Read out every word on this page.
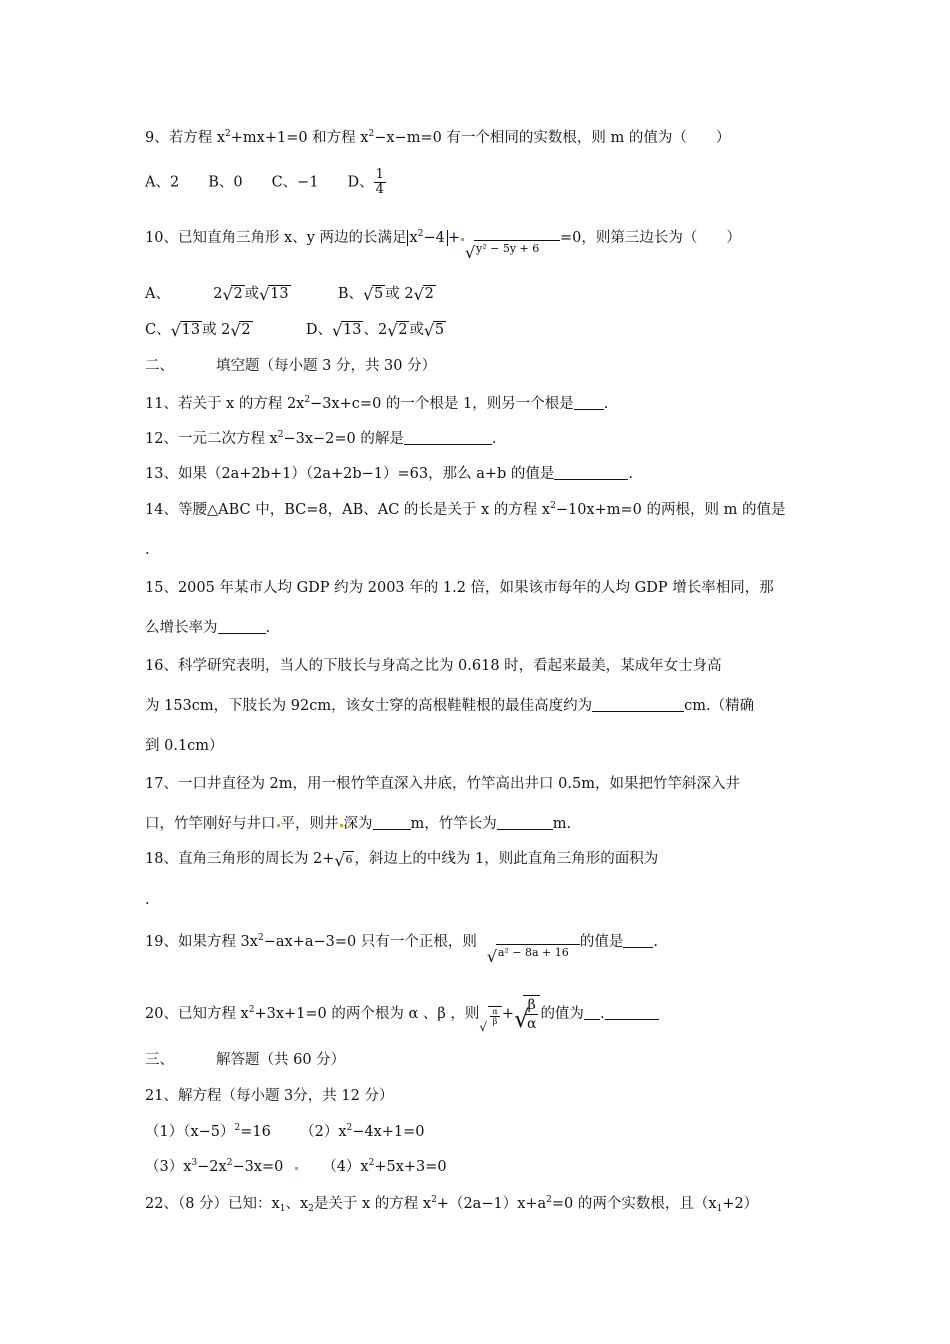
9、若方程 $x^2+mx+1=0$ 和方程 $x^2-x-m=0$ 有一个相同的实数根，则 m 的值为（　　）
A、2　　B、0　　C、−1　　D、 $\frac{1}{4}$
10、已知直角三角形 x、y 两边的长满足 $x^2-4$ +
√ y² − 5y + 6=0，则第三边长为（　　）
A、	2 √ 2 或 √ 13	B、 √ 5 或 2 √ 2
C、 √ 13 或 2 √ 2	D、 √ 13 、2 √ 2 或 √ 5
二、	填空题（每小题 3 分，共 30 分）
11、若关于 x 的方程 $2x^2-3x+c=0$ 的一个根是 1，则另一个根是 .
12、一元二次方程 $x^2-3x-2=0$ 的解是	.
13、如果（2a+2b+1）（2a+2b−1）=63，那么 a+b 的值是	.
14、等腰△ABC 中，BC=8，AB、AC 的长是关于 x 的方程 $x^2-10x+m=0$ 的两根，则 m 的值是
.
15、2005 年某市人均 GDP 约为 2003 年的 1.2 倍，如果该市每年的人均 GDP 增长率相同，那
么增长率为	.
16、科学研究表明，当人的下肢长与身高之比为 0.618 时，看起来最美，某成年女士身高
为 153cm，下肢长为 92cm，该女士穿的高根鞋鞋根的最佳高度约为	cm.（精确
到 0.1cm）
17、一口井直径为 2m，用一根竹竿直深入井底，竹竿高出井口 0.5m，如果把竹竿斜深入井
口，竹竿刚好与井口 平，则井 深为	m，竹竿长为	m.
18、直角三角形的周长为 2+ √ 6 ，斜边上的中线为 1，则此直角三角形的面积为
.
19、如果方程 $3x^2-ax+a-3=0$ 只有一个正根，则
√ a² − 8a + 16的值是 .
20、已知方程 $x^2+3x+1=0$ 的两个根为 α 、β ，则
√
$\frac{\alpha}{\beta}$ + √
$\frac{\beta}{\alpha}$ 的值为 .
三、	解答题（共 60 分）
21、解方程（每小题 3分，共 12 分）
$(1)(x-5)^2=16$ $(2)x^2-4x+1=0$
$(3)x^3-2x^2-3x=0$	$(4)x^2+5x+3=0$
22、（8 分）已知：$x_1$、$x_2$是关于 x 的方程 $x^2+(2a-1)x+a^2=0$ 的两个实数根，且$(x_1+2)$
